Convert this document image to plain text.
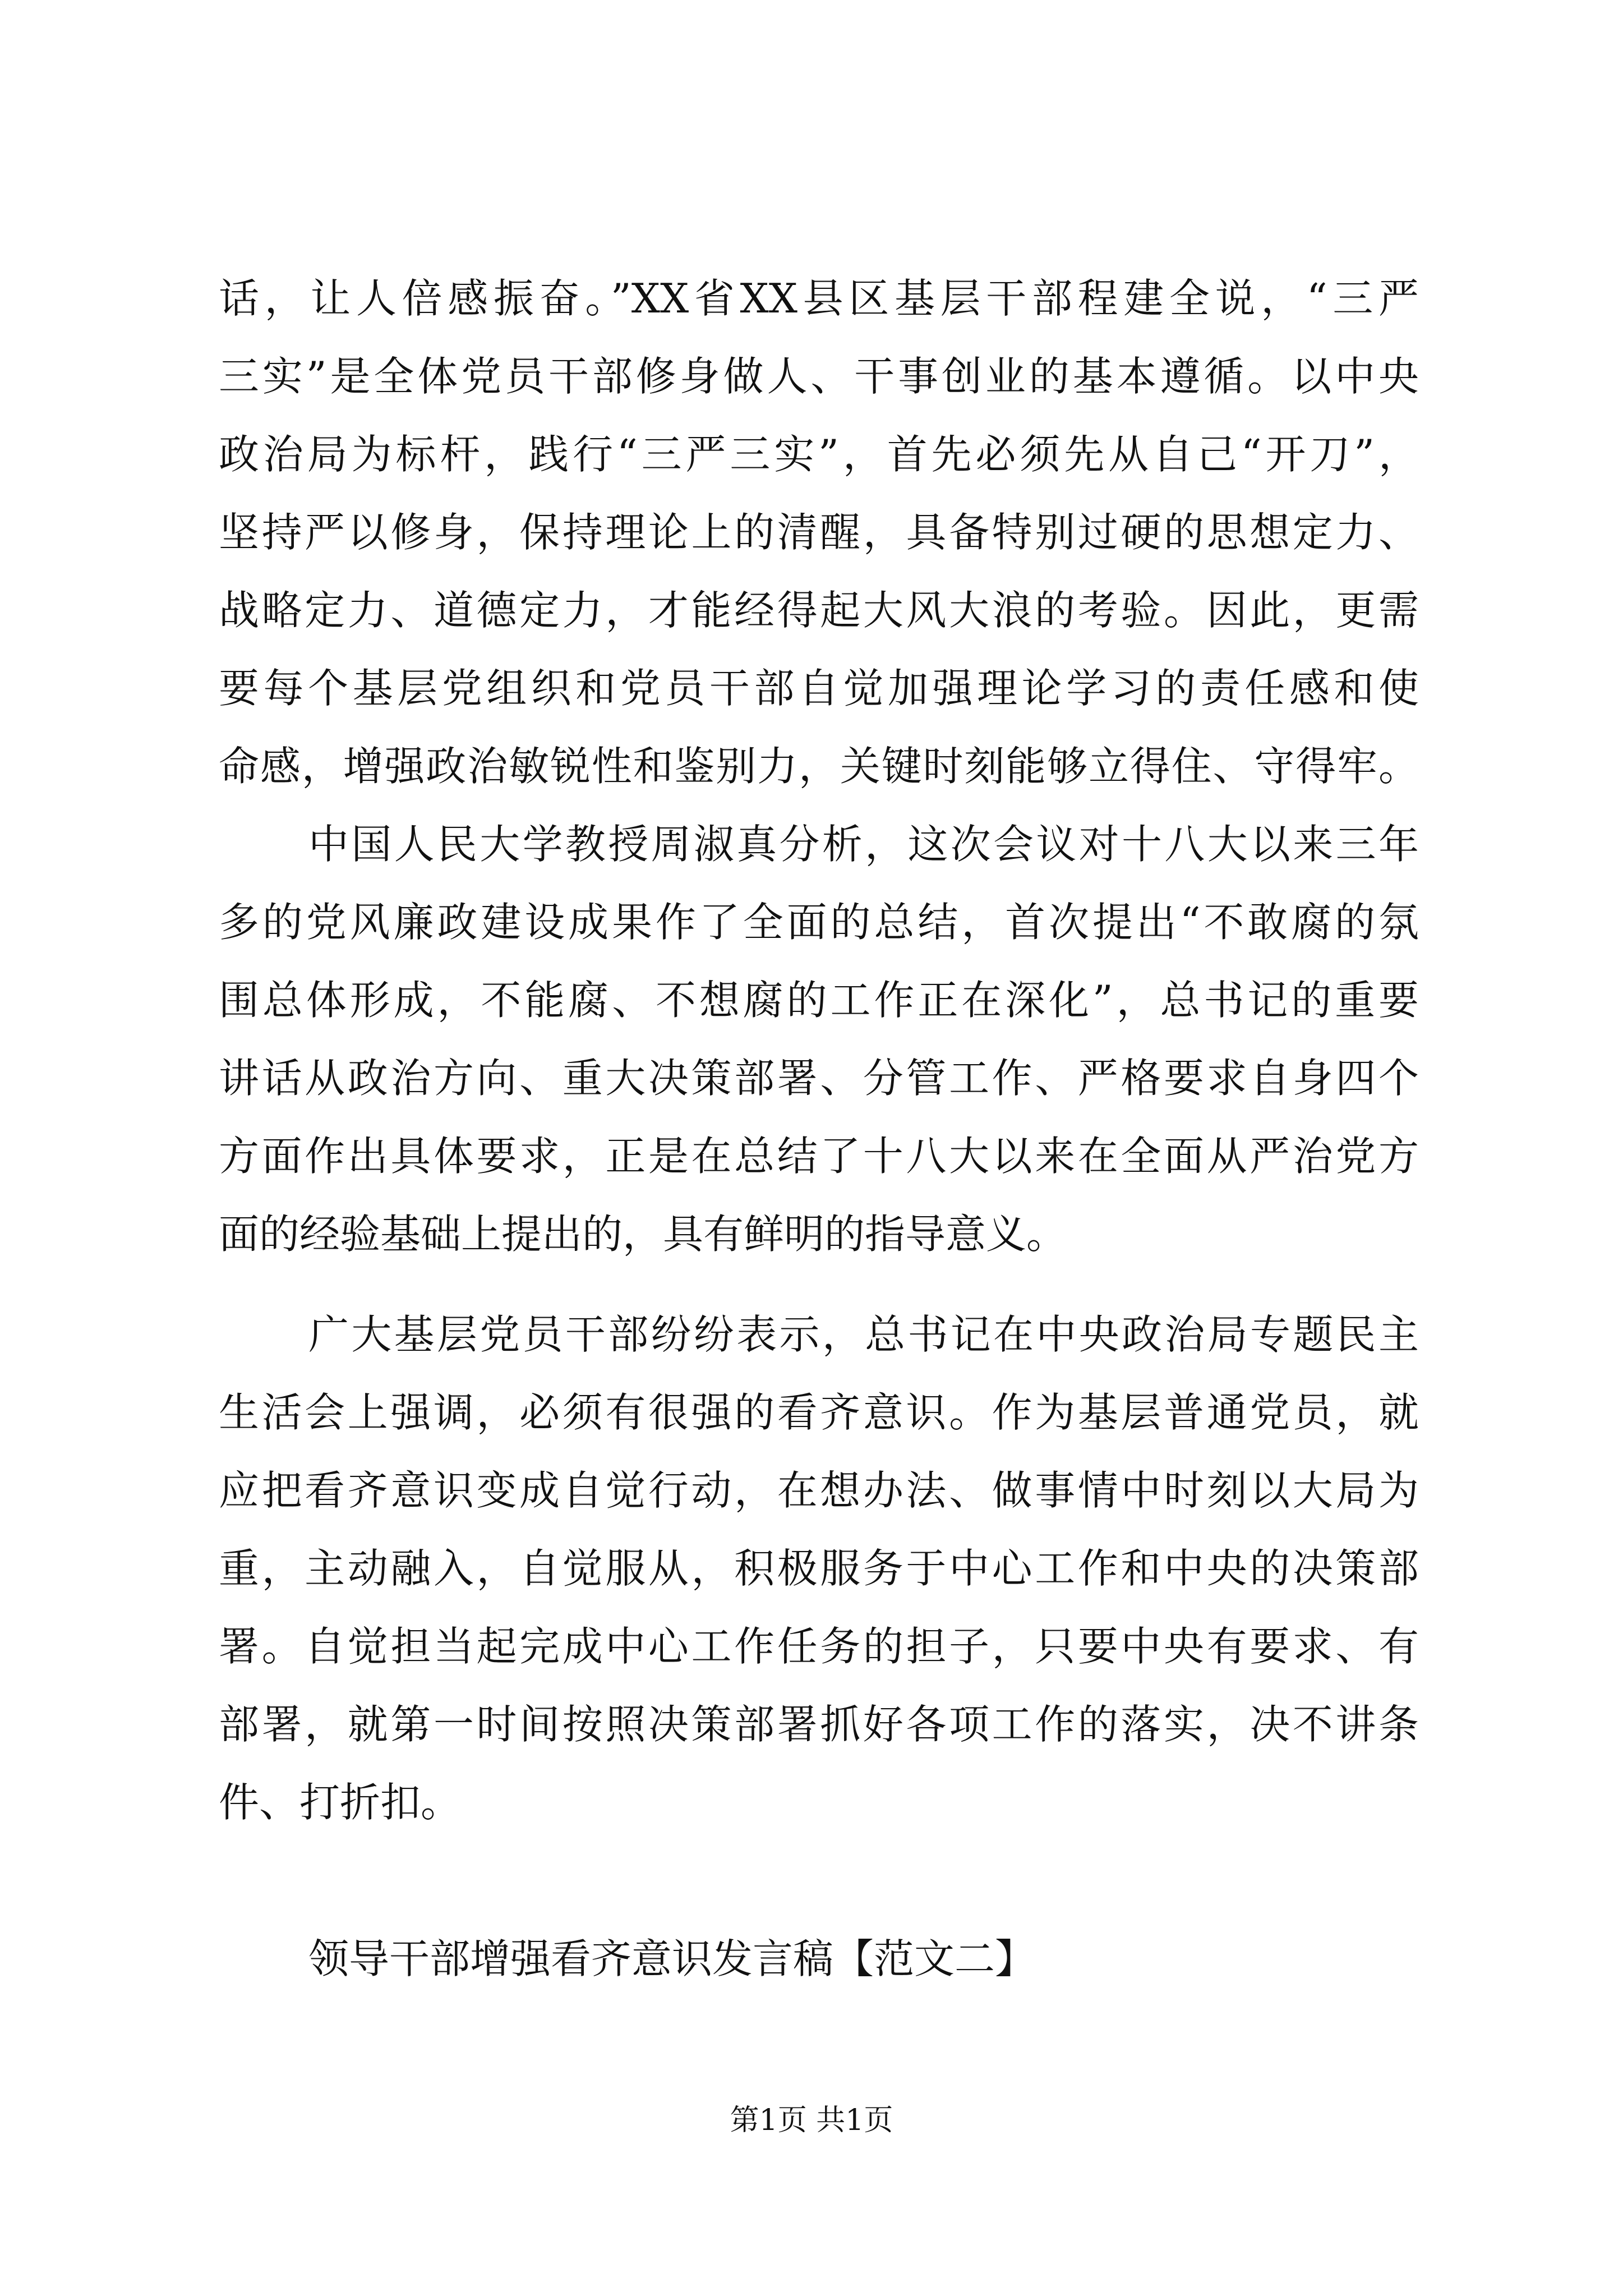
话，让人倍感振奋。”XX省XX县区基层干部程建全说，“三严
三实”是全体党员干部修身做人、干事创业的基本遵循。以中央
政治局为标杆，践行“三严三实”，首先必须先从自己“开刀”，
坚持严以修身，保持理论上的清醒，具备特别过硬的思想定力、
战略定力、道德定力，才能经得起大风大浪的考验。因此，更需
要每个基层党组织和党员干部自觉加强理论学习的责任感和使
命感，增强政治敏锐性和鉴别力，关键时刻能够立得住、守得牢。
中国人民大学教授周淑真分析，这次会议对十八大以来三年
多的党风廉政建设成果作了全面的总结，首次提出“不敢腐的氛
围总体形成，不能腐、不想腐的工作正在深化”，总书记的重要
讲话从政治方向、重大决策部署、分管工作、严格要求自身四个
方面作出具体要求，正是在总结了十八大以来在全面从严治党方
面的经验基础上提出的，具有鲜明的指导意义。
广大基层党员干部纷纷表示，总书记在中央政治局专题民主
生活会上强调，必须有很强的看齐意识。作为基层普通党员，就
应把看齐意识变成自觉行动，在想办法、做事情中时刻以大局为
重，主动融入，自觉服从，积极服务于中心工作和中央的决策部
署。自觉担当起完成中心工作任务的担子，只要中央有要求、有
部署，就第一时间按照决策部署抓好各项工作的落实，决不讲条
件、打折扣。
领导干部增强看齐意识发言稿【范文二】
第1页 共1页
